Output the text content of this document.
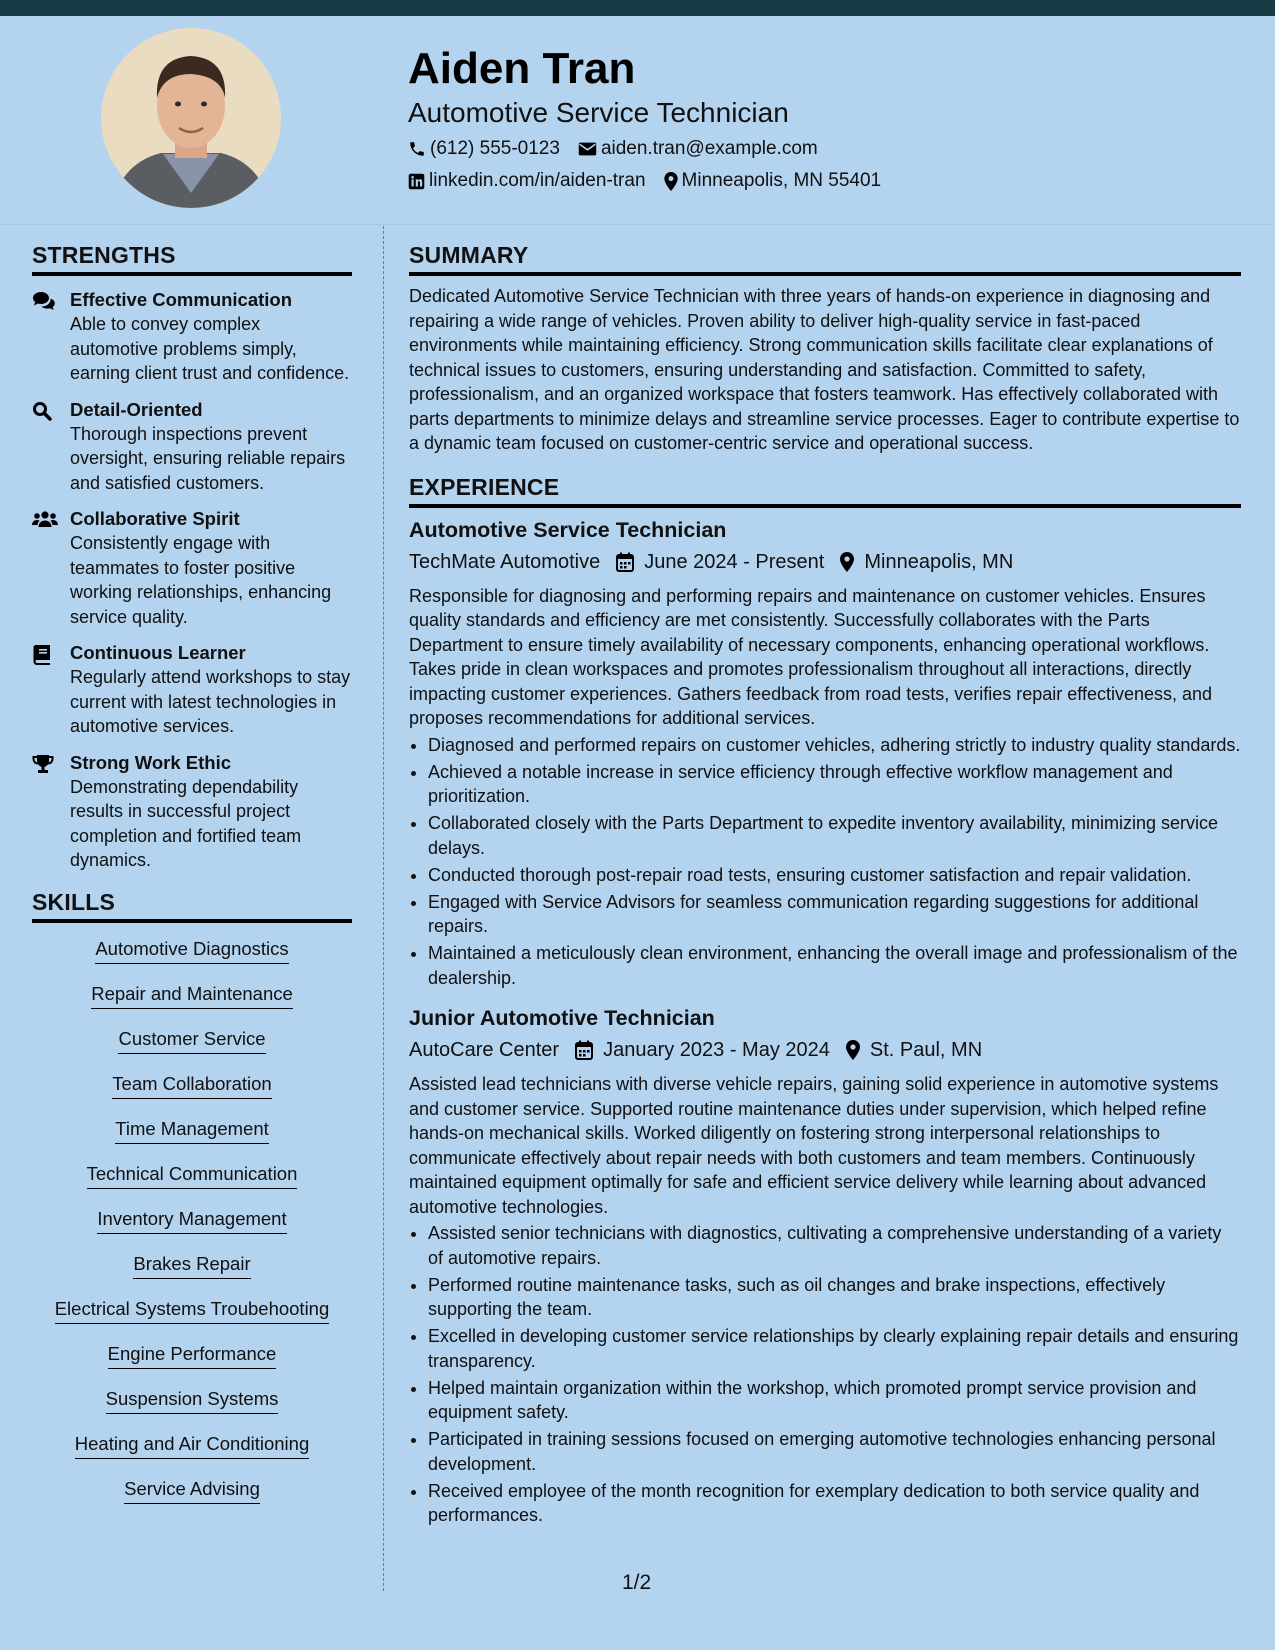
Aiden Tran
Automotive Service Technician
(612) 555-0123 aiden.tran@example.com
linkedin.com/in/aiden-tran Minneapolis, MN 55401
STRENGTHS
Effective Communication
Able to convey complex automotive problems simply, earning client trust and confidence.
Detail-Oriented
Thorough inspections prevent oversight, ensuring reliable repairs and satisfied customers.
Collaborative Spirit
Consistently engage with teammates to foster positive working relationships, enhancing service quality.
Continuous Learner
Regularly attend workshops to stay current with latest technologies in automotive services.
Strong Work Ethic
Demonstrating dependability results in successful project completion and fortified team dynamics.
SKILLS
Automotive Diagnostics
Repair and Maintenance
Customer Service
Team Collaboration
Time Management
Technical Communication
Inventory Management
Brakes Repair
Electrical Systems Troubehooting
Engine Performance
Suspension Systems
Heating and Air Conditioning
Service Advising
SUMMARY
Dedicated Automotive Service Technician with three years of hands-on experience in diagnosing and repairing a wide range of vehicles. Proven ability to deliver high-quality service in fast-paced environments while maintaining efficiency. Strong communication skills facilitate clear explanations of technical issues to customers, ensuring understanding and satisfaction. Committed to safety, professionalism, and an organized workspace that fosters teamwork. Has effectively collaborated with parts departments to minimize delays and streamline service processes. Eager to contribute expertise to a dynamic team focused on customer-centric service and operational success.
EXPERIENCE
Automotive Service Technician
TechMate Automotive June 2024 - Present Minneapolis, MN
Responsible for diagnosing and performing repairs and maintenance on customer vehicles. Ensures quality standards and efficiency are met consistently. Successfully collaborates with the Parts Department to ensure timely availability of necessary components, enhancing operational workflows. Takes pride in clean workspaces and promotes professionalism throughout all interactions, directly impacting customer experiences. Gathers feedback from road tests, verifies repair effectiveness, and proposes recommendations for additional services.
• Diagnosed and performed repairs on customer vehicles, adhering strictly to industry quality standards.
• Achieved a notable increase in service efficiency through effective workflow management and prioritization.
• Collaborated closely with the Parts Department to expedite inventory availability, minimizing service delays.
• Conducted thorough post-repair road tests, ensuring customer satisfaction and repair validation.
• Engaged with Service Advisors for seamless communication regarding suggestions for additional repairs.
• Maintained a meticulously clean environment, enhancing the overall image and professionalism of the dealership.
Junior Automotive Technician
AutoCare Center January 2023 - May 2024 St. Paul, MN
Assisted lead technicians with diverse vehicle repairs, gaining solid experience in automotive systems and customer service. Supported routine maintenance duties under supervision, which helped refine hands-on mechanical skills. Worked diligently on fostering strong interpersonal relationships to communicate effectively about repair needs with both customers and team members. Continuously maintained equipment optimally for safe and efficient service delivery while learning about advanced automotive technologies.
• Assisted senior technicians with diagnostics, cultivating a comprehensive understanding of a variety of automotive repairs.
• Performed routine maintenance tasks, such as oil changes and brake inspections, effectively supporting the team.
• Excelled in developing customer service relationships by clearly explaining repair details and ensuring transparency.
• Helped maintain organization within the workshop, which promoted prompt service provision and equipment safety.
• Participated in training sessions focused on emerging automotive technologies enhancing personal development.
• Received employee of the month recognition for exemplary dedication to both service quality and performances.
1/2
